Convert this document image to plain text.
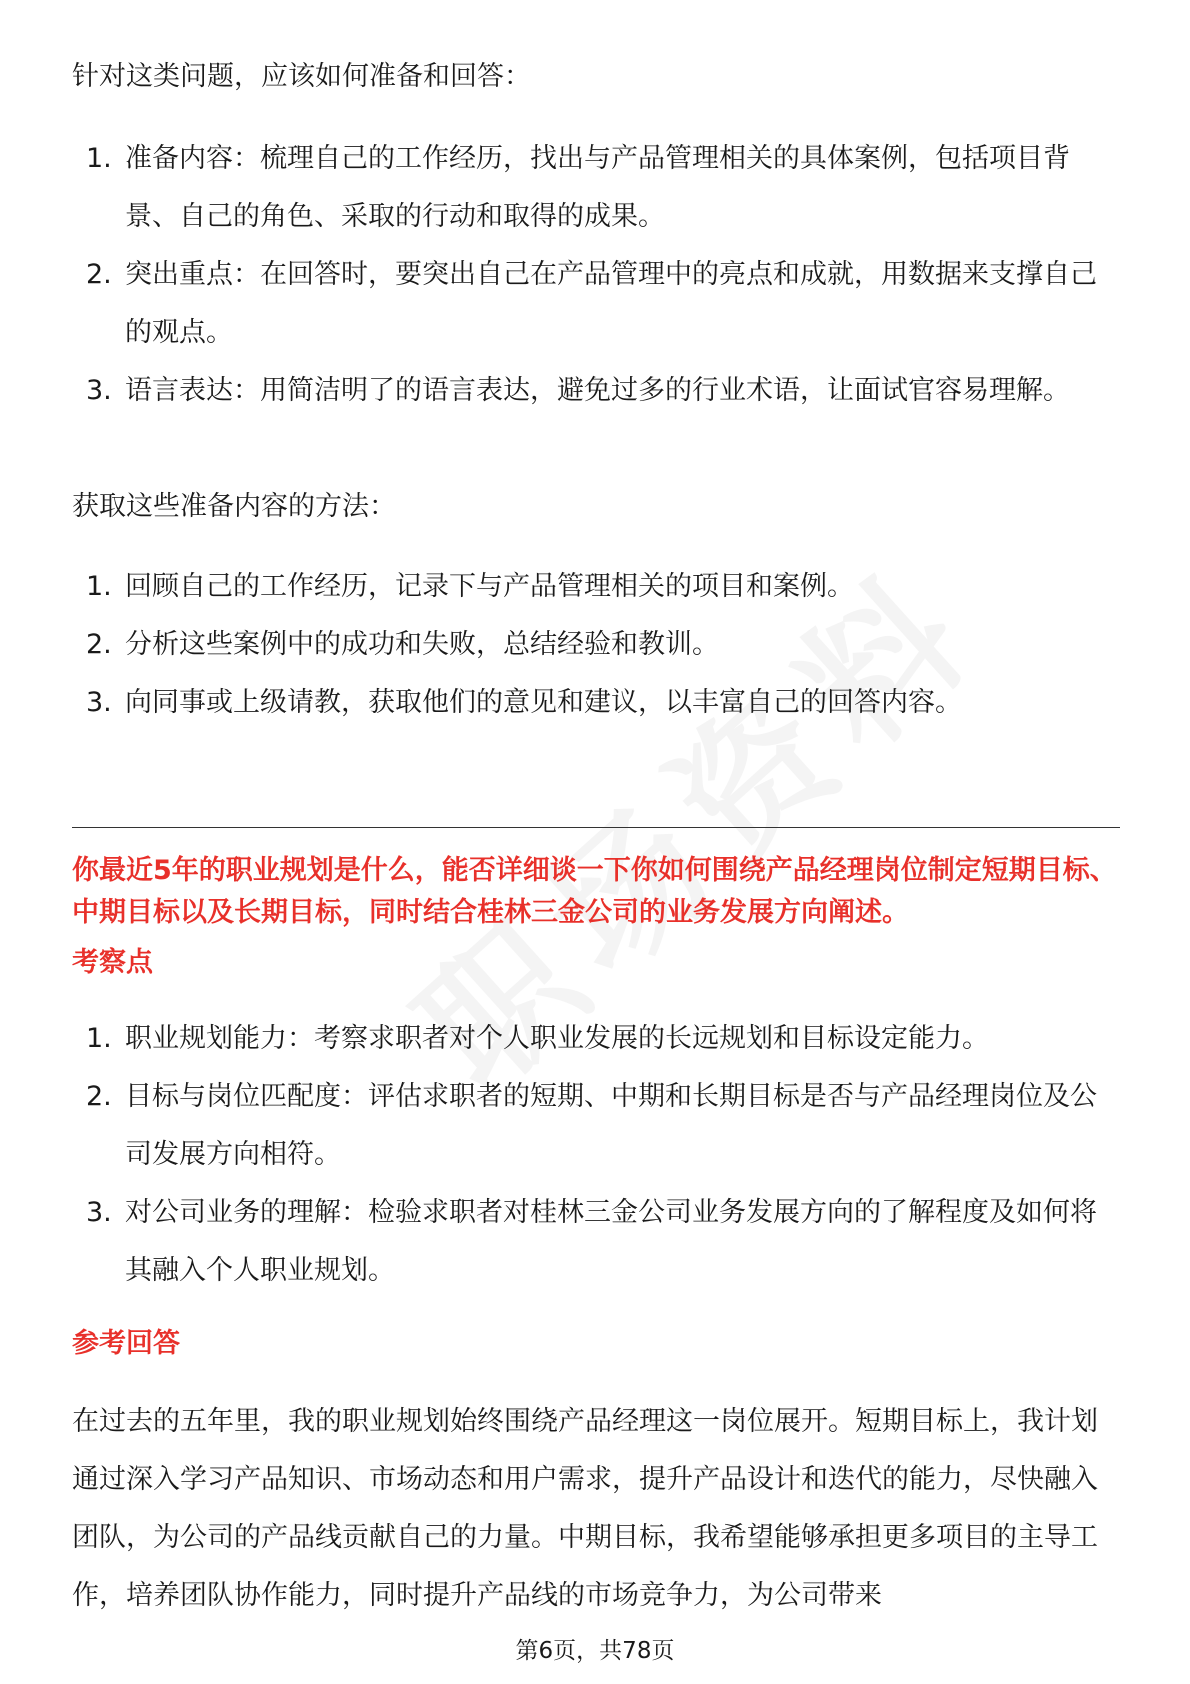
针对这类问题，应该如何准备和回答：

1. 准备内容：梳理自己的工作经历，找出与产品管理相关的具体案例，包括项目背景、自己的角色、采取的行动和取得的成果。
2. 突出重点：在回答时，要突出自己在产品管理中的亮点和成就，用数据来支撑自己的观点。
3. 语言表达：用简洁明了的语言表达，避免过多的行业术语，让面试官容易理解。

获取这些准备内容的方法：

1. 回顾自己的工作经历，记录下与产品管理相关的项目和案例。
2. 分析这些案例中的成功和失败，总结经验和教训。
3. 向同事或上级请教，获取他们的意见和建议，以丰富自己的回答内容。

你最近5年的职业规划是什么，能否详细谈一下你如何围绕产品经理岗位制定短期目标、中期目标以及长期目标，同时结合桂林三金公司的业务发展方向阐述。

考察点

1. 职业规划能力：考察求职者对个人职业发展的长远规划和目标设定能力。
2. 目标与岗位匹配度：评估求职者的短期、中期和长期目标是否与产品经理岗位及公司发展方向相符。
3. 对公司业务的理解：检验求职者对桂林三金公司业务发展方向的了解程度及如何将其融入个人职业规划。

参考回答

在过去的五年里，我的职业规划始终围绕产品经理这一岗位展开。短期目标上，我计划通过深入学习产品知识、市场动态和用户需求，提升产品设计和迭代的能力，尽快融入团队，为公司的产品线贡献自己的力量。中期目标，我希望能够承担更多项目的主导工作，培养团队协作能力，同时提升产品线的市场竞争力，为公司带来

第6页，共78页
